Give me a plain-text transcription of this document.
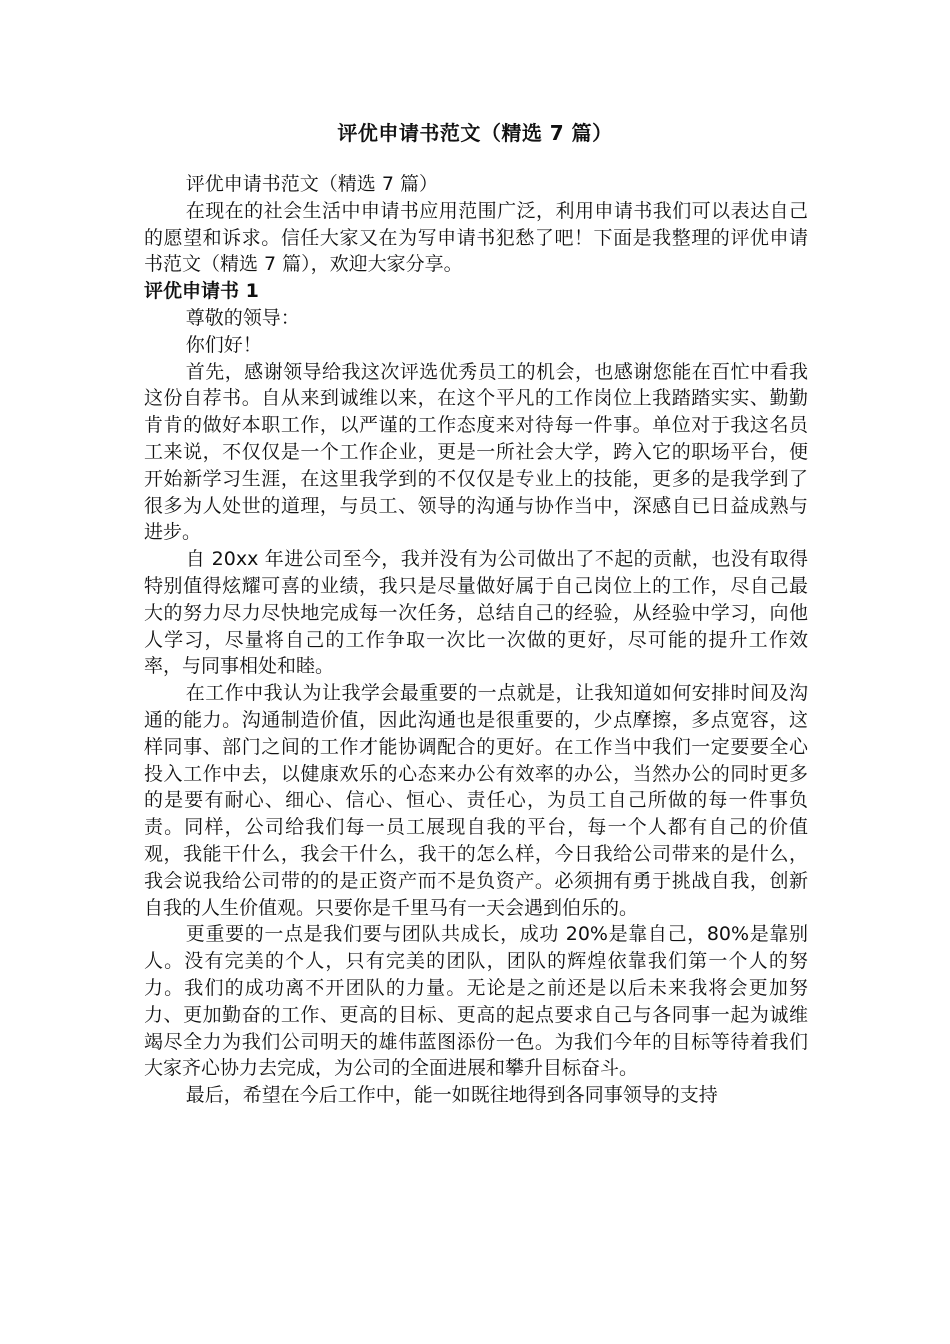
评优申请书范文（精选 7 篇）

评优申请书范文（精选 7 篇）

在现在的社会生活中申请书应用范围广泛，利用申请书我们可以表达自己的愿望和诉求。信任大家又在为写申请书犯愁了吧！下面是我整理的评优申请书范文（精选 7 篇），欢迎大家分享。

评优申请书 1

尊敬的领导：

你们好！

首先，感谢领导给我这次评选优秀员工的机会，也感谢您能在百忙中看我这份自荐书。自从来到诚维以来，在这个平凡的工作岗位上我踏踏实实、勤勤肯肯的做好本职工作，以严谨的工作态度来对待每一件事。单位对于我这名员工来说，不仅仅是一个工作企业，更是一所社会大学，跨入它的职场平台，便开始新学习生涯，在这里我学到的不仅仅是专业上的技能，更多的是我学到了很多为人处世的道理，与员工、领导的沟通与协作当中，深感自已日益成熟与进步。

自 20xx 年进公司至今，我并没有为公司做出了不起的贡献，也没有取得特别值得炫耀可喜的业绩，我只是尽量做好属于自己岗位上的工作，尽自己最大的努力尽力尽快地完成每一次任务，总结自己的经验，从经验中学习，向他人学习，尽量将自己的工作争取一次比一次做的更好，尽可能的提升工作效率，与同事相处和睦。

在工作中我认为让我学会最重要的一点就是，让我知道如何安排时间及沟通的能力。沟通制造价值，因此沟通也是很重要的，少点摩擦，多点宽容，这样同事、部门之间的工作才能协调配合的更好。在工作当中我们一定要要全心投入工作中去，以健康欢乐的心态来办公有效率的办公，当然办公的同时更多的是要有耐心、细心、信心、恒心、责任心，为员工自己所做的每一件事负责。同样，公司给我们每一员工展现自我的平台，每一个人都有自己的价值观，我能干什么，我会干什么，我干的怎么样，今日我给公司带来的是什么，我会说我给公司带的的是正资产而不是负资产。必须拥有勇于挑战自我，创新自我的人生价值观。只要你是千里马有一天会遇到伯乐的。

更重要的一点是我们要与团队共成长，成功 20%是靠自己，80%是靠别人。没有完美的个人，只有完美的团队，团队的辉煌依靠我们第一个人的努力。我们的成功离不开团队的力量。无论是之前还是以后未来我将会更加努力、更加勤奋的工作、更高的目标、更高的起点要求自己与各同事一起为诚维竭尽全力为我们公司明天的雄伟蓝图添份一色。为我们今年的目标等待着我们大家齐心协力去完成，为公司的全面进展和攀升目标奋斗。

最后，希望在今后工作中，能一如既往地得到各同事领导的支持
